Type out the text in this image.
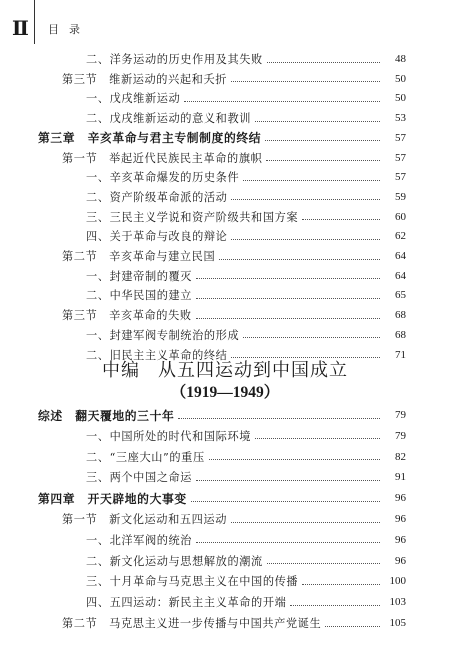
Ⅱ 目录
二、洋务运动的历史作用及其失败	48
第三节　维新运动的兴起和夭折	50
一、戊戌维新运动	50
二、戊戌维新运动的意义和教训	53
第三章　辛亥革命与君主专制制度的终结	57
第一节　举起近代民族民主革命的旗帜	57
一、辛亥革命爆发的历史条件	57
二、资产阶级革命派的活动	59
三、三民主义学说和资产阶级共和国方案	60
四、关于革命与改良的辩论	62
第二节　辛亥革命与建立民国	64
一、封建帝制的覆灭	64
二、中华民国的建立	65
第三节　辛亥革命的失败	68
一、封建军阀专制统治的形成	68
二、旧民主主义革命的终结	71
中编 从五四运动到中国成立
（1919—1949）
综述　翻天覆地的三十年	79
一、中国所处的时代和国际环境	79
二、“三座大山”的重压	82
三、两个中国之命运	91
第四章　开天辟地的大事变	96
第一节　新文化运动和五四运动	96
一、北洋军阀的统治	96
二、新文化运动与思想解放的潮流	96
三、十月革命与马克思主义在中国的传播	100
四、五四运动：新民主主义革命的开端	103
第二节　马克思主义进一步传播与中国共产党诞生	105
